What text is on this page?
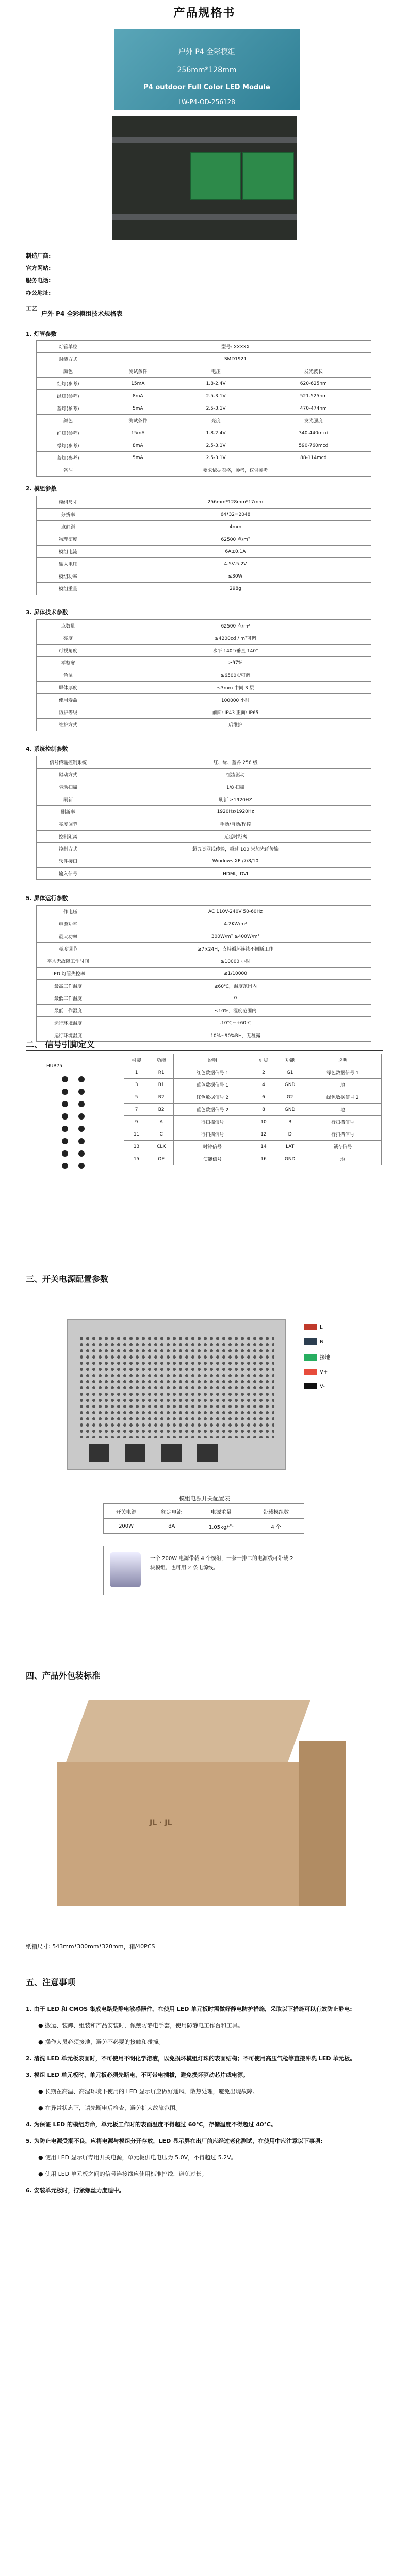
产品规格书
户外 P4 全彩模组
256mm*128mm
P4 outdoor Full Color LED Module
LW-P4-OD-256128
制造厂商:
官方网站:
服务电话:
办公地址:
工艺
户外 P4 全彩模组技术规格表
1. 灯管参数
灯管单粒	型号: XXXXX		
封装方式	SMD1921		
颜色	测试条件	电压	发光波长
红灯(参考)	15mA	1.8-2.4V	620-625nm
绿灯(参考)	8mA	2.5-3.1V	521-525nm
蓝灯(参考)	5mA	2.5-3.1V	470-474nm
颜色	测试条件	亮度	发光强度
红灯(参考)	15mA	1.8-2.4V	340-440mcd
绿灯(参考)	8mA	2.5-3.1V	590-760mcd
蓝灯(参考)	5mA	2.5-3.1V	88-114mcd
备注	要求依据表格，参考，仅供参考		
2. 模组参数
模组尺寸	256mm*128mm*17mm
分辨率	64*32=2048
点间距	4mm
物理密度	62500 点/m²
模组电流	6A±0.1A
输入电压	4.5V-5.2V
模组功率	≤30W
模组重量	298g
3. 屏体技术参数
点数量	62500 点/m²
亮度	≥4200cd / m²可调
可视角度	水平 140°/垂直 140°
平整度	≥97%
色温	≥6500K/可调
屏体厚度	≤3mm 中间 3 层
使用寿命	100000 小时
防护等级	前面: IP43 正面: IP65
维护方式	后维护
4. 系统控制参数
信号传输控制系统	红、绿、蓝各 256 级
驱动方式	恒流驱动
驱动扫描	1/8 扫描
刷新	刷新 ≥1920HZ
刷新率	1920Hz/1920Hz
亮度调节	手动/自动/程控
控制距离	无延时距离
控制方式	超五类网线传输，超过 100 米加光纤传输
软件接口	Windows XP /7/8/10
输入信号	HDMI、DVI
5. 屏体运行参数
工作电压	AC 110V-240V 50-60Hz
电源功率	4.2KW/m²
最大功率	300W/m² ≥400W/m²
亮度调节	≥7×24H，支持循环连续不间断工作
平均无故障工作时间	≥10000 小时
LED 灯管失控率	≤1/10000
最高工作温度	≤60℃，温度范围内
最低工作温度	0
最低工作湿度	≤10%，湿度范围内
运行环境温度	-10℃~+60℃
运行环境湿度	10%~90%RH，无凝露
二、 信号引脚定义
HUB75
引脚	功能	说明	引脚	功能	说明
1	R1	红色数据信号 1	2	G1	绿色数据信号 1
3	B1	蓝色数据信号 1	4	GND	地
5	R2	红色数据信号 2	6	G2	绿色数据信号 2
7	B2	蓝色数据信号 2	8	GND	地
9	A	行扫描信号	10	B	行扫描信号
11	C	行扫描信号	12	D	行扫描信号
13	CLK	时钟信号	14	LAT	锁存信号
15	OE	使能信号	16	GND	地
三、开关电源配置参数
L
N
接地
V+
V-
模组电源开关配置表
开关电源	额定电流	电源重量	带载模组数
200W	8A	1.05kg/个	4 个
一个 200W 电源带载 4 个模组，一条一排二的电源线可带载 2 块模组，也可用 2 条电源线。
四、产品外包装标准
JL · JL
纸箱尺寸: 543mm*300mm*320mm，箱/40PCS
五、注意事项

1. 由于 LED 和 CMOS 集成电路是静电敏感器件，在使用 LED 单元板时需做好静电防护措施，采取以下措施可以有效防止静电:

● 搬运、装卸、组装和产品安装时，佩戴防静电手套，使用防静电工作台和工具。

● 操作人员必须接地，避免不必要的接触和碰撞。

2. 清洗 LED 单元板表面时，不可使用不明化学溶液，以免损坏模组灯珠的表面结构；不可使用高压气枪等直接冲洗 LED 单元板。

3. 模组 LED 单元板时，单元板必须先断电，不可带电插拔，避免损坏驱动芯片或电源。

● 长期在高温、高湿环境下使用的 LED 显示屏应做好通风、散热处理，避免出现故障。

● 在异常状态下，请先断电后检查，避免扩大故障范围。

4. 为保证 LED 的模组寿命，单元板工作时的表面温度不得超过 60℃，存储温度不得超过 40℃。

5. 为防止电源受潮不良，应将电源与模组分开存放，LED 显示屏在出厂前应经过老化测试，在使用中应注意以下事项:

● 使用 LED 显示屏专用开关电源，单元板供电电压为 5.0V，不得超过 5.2V。

● 使用 LED 单元板之间的信号连接线应使用标准排线，避免过长。

6. 安装单元板时，拧紧螺丝力度适中。
